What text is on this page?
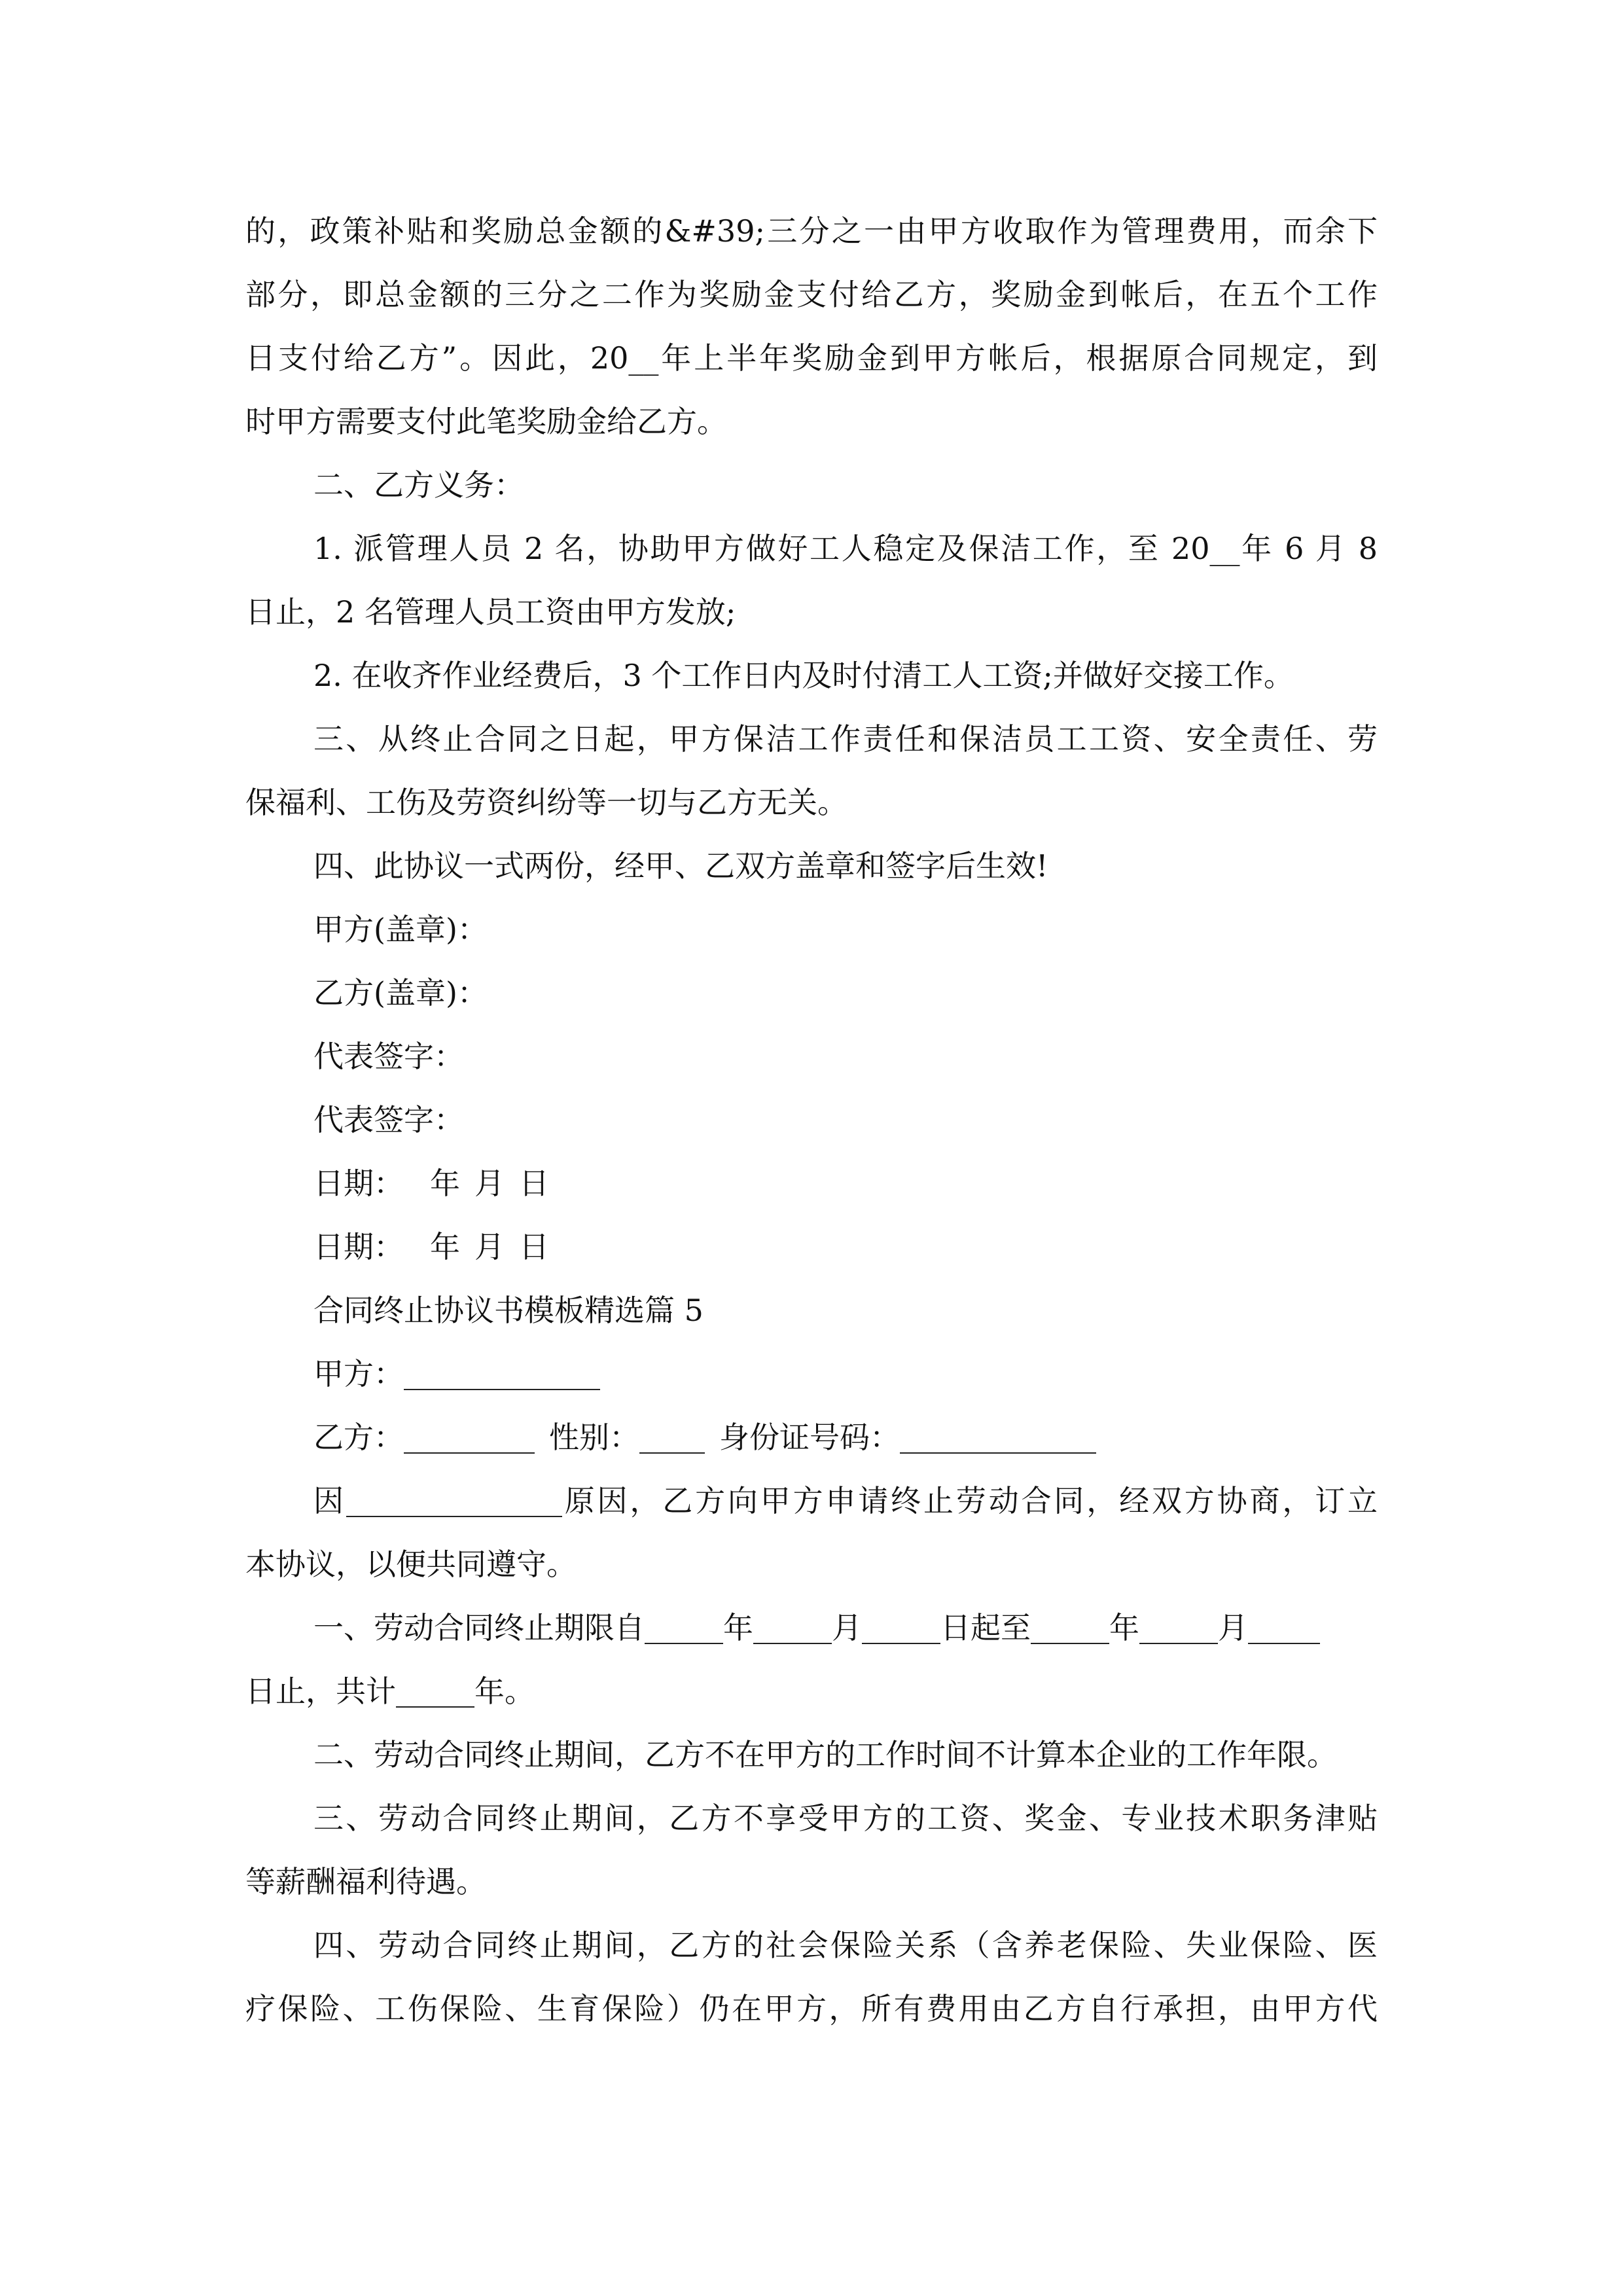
的，政策补贴和奖励总金额的&#39;三分之一由甲方收取作为管理费用，而余下

部分，即总金额的三分之二作为奖励金支付给乙方，奖励金到帐后，在五个工作

日支付给乙方”。因此，20__年上半年奖励金到甲方帐后，根据原合同规定，到

时甲方需要支付此笔奖励金给乙方。

二、乙方义务：

1. 派管理人员 2 名，协助甲方做好工人稳定及保洁工作，至 20__年 6 月 8

日止，2 名管理人员工资由甲方发放;

2. 在收齐作业经费后，3 个工作日内及时付清工人工资;并做好交接工作。

三、从终止合同之日起，甲方保洁工作责任和保洁员工工资、安全责任、劳

保福利、工伤及劳资纠纷等一切与乙方无关。

四、此协议一式两份，经甲、乙双方盖章和签字后生效!

甲方(盖章)：

乙方(盖章)：

代表签字：

代表签字：

日期： 年 月 日

日期： 年 月 日

合同终止协议书模板精选篇 5

甲方：

乙方：	性别：	身份证号码：

因	原因，乙方向甲方申请终止劳动合同，经双方协商，订立

本协议，以便共同遵守。

一、劳动合同终止期限自	年	月	日起至	年	月

日止，共计	年。

二、劳动合同终止期间，乙方不在甲方的工作时间不计算本企业的工作年限。

三、劳动合同终止期间，乙方不享受甲方的工资、奖金、专业技术职务津贴

等薪酬福利待遇。

四、劳动合同终止期间，乙方的社会保险关系（含养老保险、失业保险、医

疗保险、工伤保险、生育保险）仍在甲方，所有费用由乙方自行承担，由甲方代
